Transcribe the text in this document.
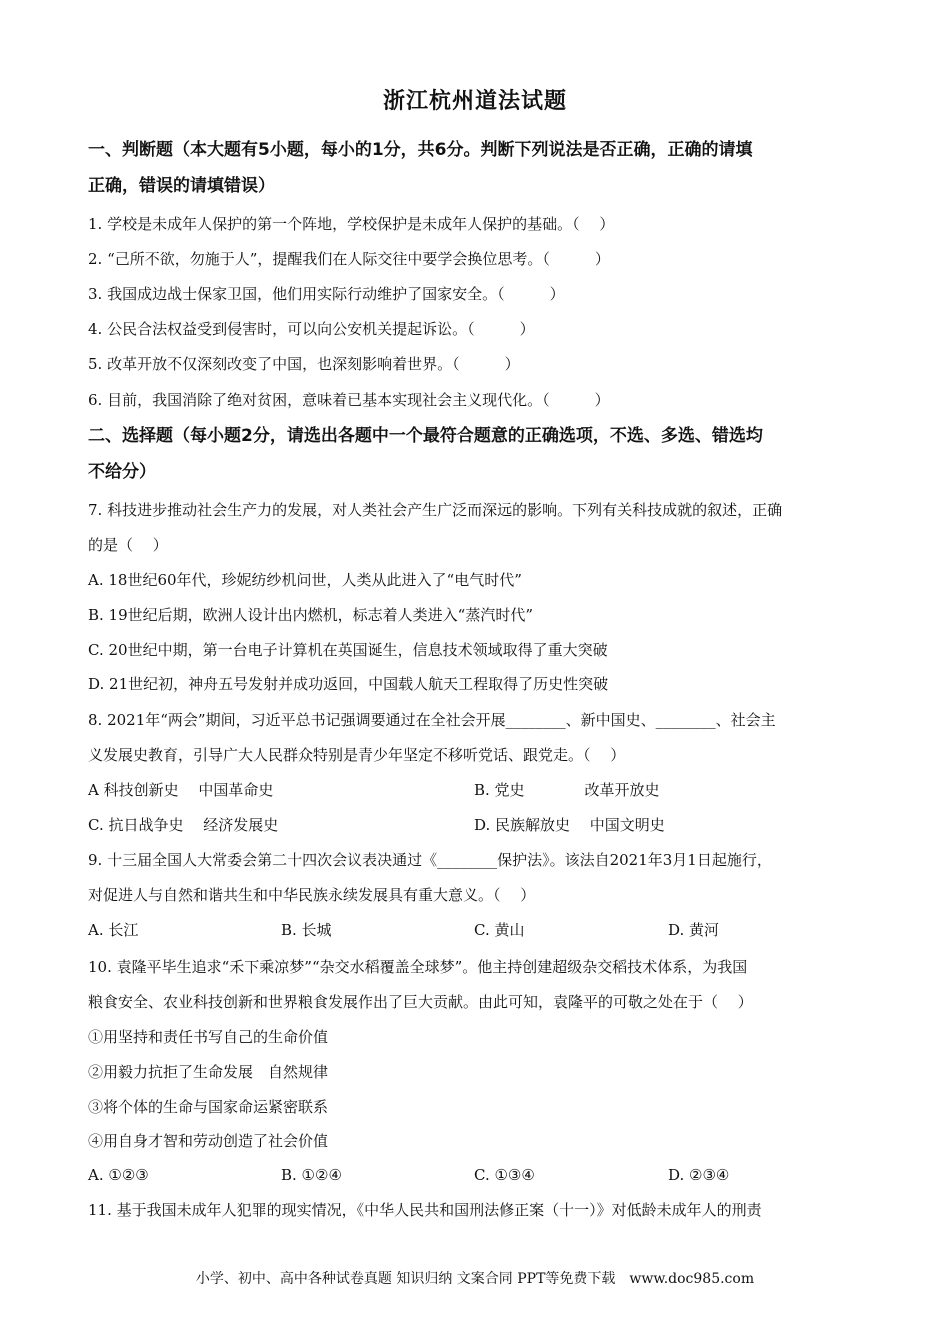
浙江杭州道法试题
一、判断题（本大题有5小题，每小的1分，共6分。判断下列说法是否正确，正确的请填
正确，错误的请填错误）
1. 学校是未成年人保护的第一个阵地，学校保护是未成年人保护的基础。（　 ）
2. “己所不欲，勿施于人”，提醒我们在人际交往中要学会换位思考。（　　　）
3. 我国成边战士保家卫国，他们用实际行动维护了国家安全。（　　　）
4. 公民合法权益受到侵害时，可以向公安机关提起诉讼。（　　　）
5. 改革开放不仅深刻改变了中国，也深刻影响着世界。（　　　）
6. 目前，我国消除了绝对贫困，意味着已基本实现社会主义现代化。（　　　）
二、选择题（每小题2分，请选出各题中一个最符合题意的正确选项，不选、多选、错选均
不给分）
7. 科技进步推动社会生产力的发展，对人类社会产生广泛而深远的影响。下列有关科技成就的叙述，正确
的是（　 ）
A. 18世纪60年代，珍妮纺纱机问世，人类从此进入了“电气时代”
B. 19世纪后期，欧洲人设计出内燃机，标志着人类进入“蒸汽时代”
C. 20世纪中期，第一台电子计算机在英国诞生，信息技术领域取得了重大突破
D. 21世纪初，神舟五号发射并成功返回，中国载人航天工程取得了历史性突破
8. 2021年“两会”期间，习近平总书记强调要通过在全社会开展________、新中国史、________、社会主
义发展史教育，引导广大人民群众特别是青少年坚定不移听党话、跟党走。（　 ）
A 科技创新史　 中国革命史	B. 党史　　　　改革开放史
C. 抗日战争史　 经济发展史	D. 民族解放史　 中国文明史
9. 十三届全国人大常委会第二十四次会议表决通过《________保护法》。该法自2021年3月1日起施行，
对促进人与自然和谐共生和中华民族永续发展具有重大意义。（　 ）
A. 长江	B. 长城	C. 黄山	D. 黄河
10. 袁隆平毕生追求“禾下乘凉梦”“杂交水稻覆盖全球梦”。他主持创建超级杂交稻技术体系，为我国
粮食安全、农业科技创新和世界粮食发展作出了巨大贡献。由此可知，袁隆平的可敬之处在于（　 ）
①用坚持和责任书写自己的生命价值
②用毅力抗拒了生命发展　自然规律
③将个体的生命与国家命运紧密联系
④用自身才智和劳动创造了社会价值
A. ①②③	B. ①②④	C. ①③④	D. ②③④
11. 基于我国未成年人犯罪的现实情况，《中华人民共和国刑法修正案（十一）》对低龄未成年人的刑责
小学、初中、高中各种试卷真题 知识归纳 文案合同 PPT等免费下载　www.doc985.com
